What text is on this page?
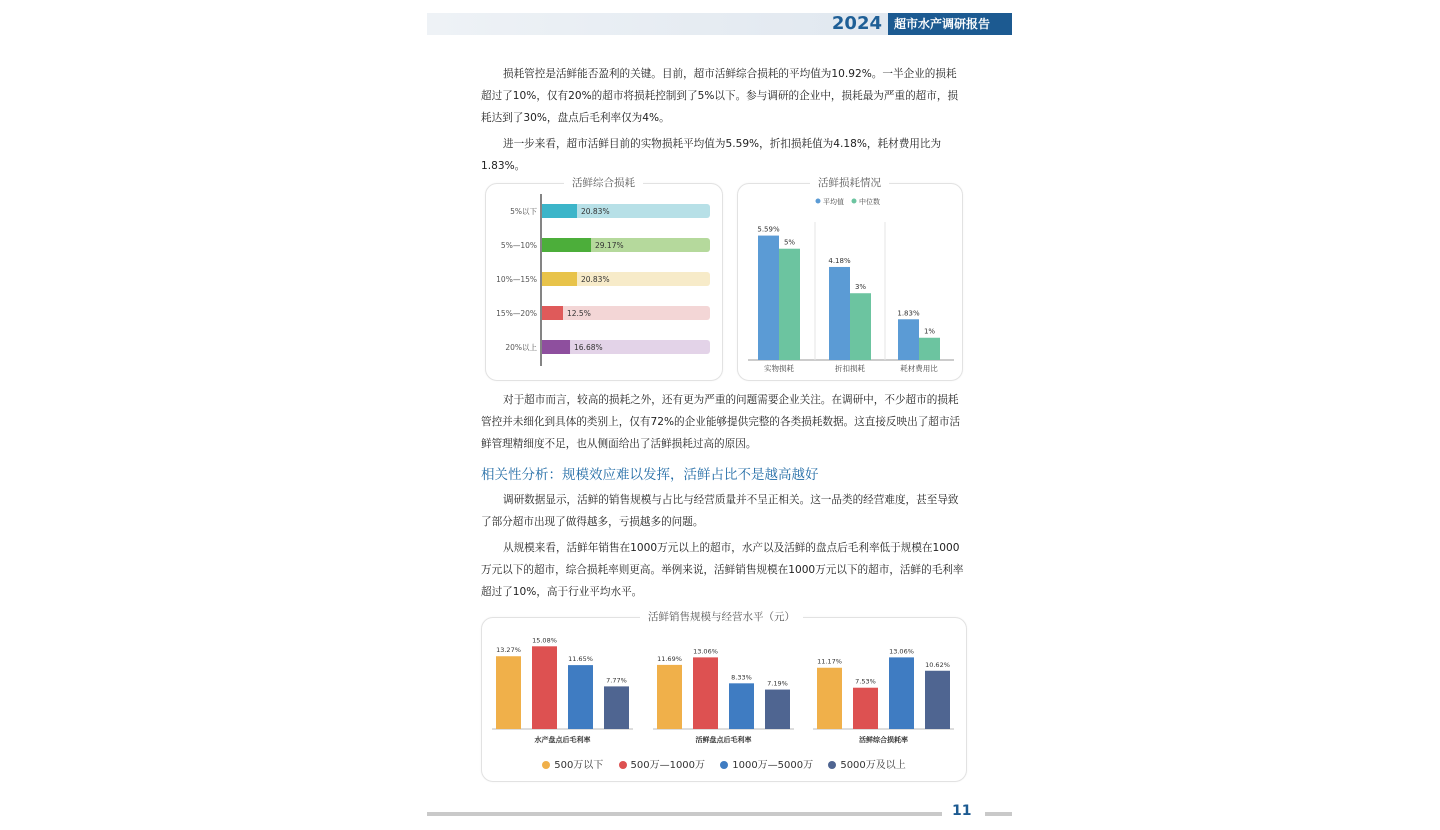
2024	超市水产调研报告
损耗管控是活鲜能否盈利的关键。目前，超市活鲜综合损耗的平均值为10.92%。一半企业的损耗超过了10%，仅有20%的超市将损耗控制到了5%以下。参与调研的企业中，损耗最为严重的超市，损耗达到了30%，盘点后毛利率仅为4%。
进一步来看，超市活鲜目前的实物损耗平均值为5.59%，折扣损耗值为4.18%，耗材费用比为1.83%。
活鲜综合损耗
5%以下	20.83%
5%—10%	29.17%
10%—15%	20.83%
15%—20%	12.5%
20%以上	16.68%
活鲜损耗情况
平均值 中位数
5.59%
5%
实物损耗
4.18%
3%
折扣损耗
1.83%
1%
耗材费用比
对于超市而言，较高的损耗之外，还有更为严重的问题需要企业关注。在调研中，不少超市的损耗管控并未细化到具体的类别上，仅有72%的企业能够提供完整的各类损耗数据。这直接反映出了超市活鲜管理精细度不足，也从侧面给出了活鲜损耗过高的原因。
相关性分析：规模效应难以发挥，活鲜占比不是越高越好
调研数据显示，活鲜的销售规模与占比与经营质量并不呈正相关。这一品类的经营难度，甚至导致了部分超市出现了做得越多，亏损越多的问题。
从规模来看，活鲜年销售在1000万元以上的超市，水产以及活鲜的盘点后毛利率低于规模在1000万元以下的超市，综合损耗率则更高。举例来说，活鲜销售规模在1000万元以下的超市，活鲜的毛利率超过了10%，高于行业平均水平。
活鲜销售规模与经营水平（元）
13.27%
15.08%
11.65%
7.77%
水产盘点后毛利率
11.69%
13.06%
8.33%
7.19%
活鲜盘点后毛利率
11.17%
7.53%
13.06%
10.62%
活鲜综合损耗率
500万以下	500万—1000万	1000万—5000万	5000万及以上
11
